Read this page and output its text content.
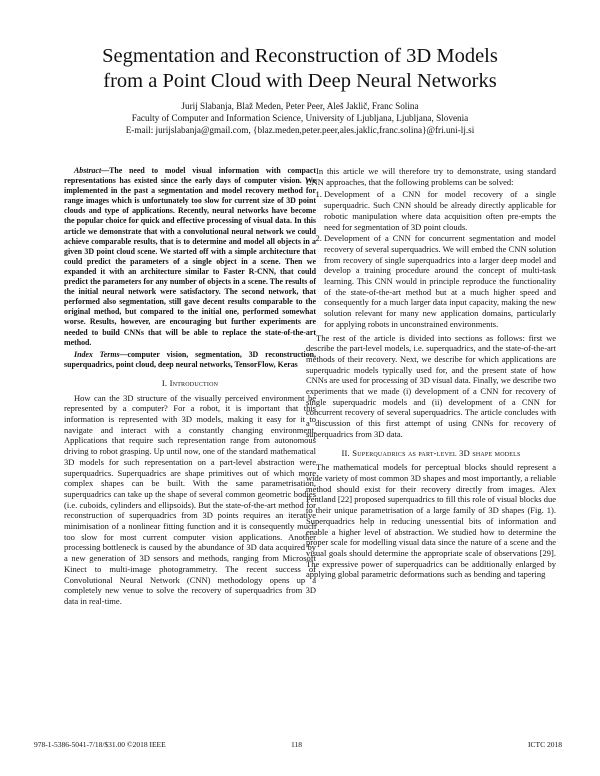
Segmentation and Reconstruction of 3D Models
from a Point Cloud with Deep Neural Networks
Jurij Slabanja, Blaž Meden, Peter Peer, Aleš Jaklič, Franc Solina
Faculty of Computer and Information Science, University of Ljubljana, Ljubljana, Slovenia
E-mail: jurijslabanja@gmail.com, {blaz.meden,peter.peer,ales.jaklic,franc.solina}@fri.uni-lj.si

Abstract—The need to model visual information with compact representations has existed since the early days of computer vision. We implemented in the past a segmentation and model recovery method for range images which is unfortunately too slow for current size of 3D point clouds and type of applications. Recently, neural networks have become the popular choice for quick and effective processing of visual data. In this article we demonstrate that with a convolutional neural network we could achieve comparable results, that is to determine and model all objects in a given 3D point cloud scene. We started off with a simple architecture that could predict the parameters of a single object in a scene. Then we expanded it with an architecture similar to Faster R-CNN, that could predict the parameters for any number of objects in a scene. The results of the initial neural network were satisfactory. The second network, that performed also segmentation, still gave decent results comparable to the original method, but compared to the initial one, performed somewhat worse. Results, however, are encouraging but further experiments are needed to build CNNs that will be able to replace the state-of-the-art method.

Index Terms—computer vision, segmentation, 3D reconstruction, superquadrics, point cloud, deep neural networks, TensorFlow, Keras

I. Introduction

How can the 3D structure of the visually perceived environment be represented by a computer? For a robot, it is important that this information is represented with 3D models, making it easy for it to navigate and interact with a constantly changing environment. Applications that require such representation range from autonomous driving to robot grasping. Up until now, one of the standard mathematical 3D models for such representation on a part-level abstraction were superquadrics. Superquadrics are shape primitives out of which more complex shapes can be built. With the same parametrisation, superquadrics can take up the shape of several common geometric bodies (i.e. cuboids, cylinders and ellipsoids). But the state-of-the-art method for reconstruction of superquadrics from 3D points requires an iterative minimisation of a nonlinear fitting function and it is consequently much too slow for most current computer vision applications. Another processing bottleneck is caused by the abundance of 3D data acquired by a new generation of 3D sensors and methods, ranging from Microsoft Kinect to multi-image photogrammetry. The recent success of Convolutional Neural Network (CNN) methodology opens up a completely new venue to solve the recovery of superquadrics from 3D data in real-time.

In this article we will therefore try to demonstrate, using standard CNN approaches, that the following problems can be solved:

1. Development of a CNN for model recovery of a single superquadric. Such CNN should be already directly applicable for robotic manipulation where data acquisition often pre-empts the need for segmentation of 3D point clouds.
2. Development of a CNN for concurrent segmentation and model recovery of several superquadrics. We will embed the CNN solution from recovery of single superquadrics into a larger deep model and develop a training procedure around the concept of multi-task learning. This CNN would in principle reproduce the functionality of the state-of-the-art method but at a much higher speed and consequently for a much larger data input capacity, making the new solution relevant for many new application domains, particularly for applying robots in unconstrained environments.

The rest of the article is divided into sections as follows: first we describe the part-level models, i.e. superquadrics, and the state-of-the-art methods of their recovery. Next, we describe for which applications are superquadric models typically used for, and the present state of how CNNs are used for processing of 3D visual data. Finally, we describe two experiments that we made (i) development of a CNN for recovery of single superquadric models and (ii) development of a CNN for concurrent recovery of several superquadrics. The article concludes with a discussion of this first attempt of using CNNs for recovery of superquadrics from 3D data.

II. Superquadrics as part-level 3D shape models

The mathematical models for perceptual blocks should represent a wide variety of most common 3D shapes and most importantly, a reliable method should exist for their recovery directly from images. Alex Pentland [22] proposed superquadrics to fill this role of visual blocks due to their unique parametrisation of a large family of 3D shapes (Fig. 1). Superquadrics help in reducing unessential bits of information and enable a higher level of abstraction. We studied how to determine the proper scale for modelling visual data since the nature of a scene and the visual goals should determine the appropriate scale of observations [29]. The expressive power of superquadrics can be additionally enlarged by applying global parametric deformations such as bending and tapering

978-1-5386-5041-7/18/$31.00 ©2018 IEEE	118	ICTC 2018
